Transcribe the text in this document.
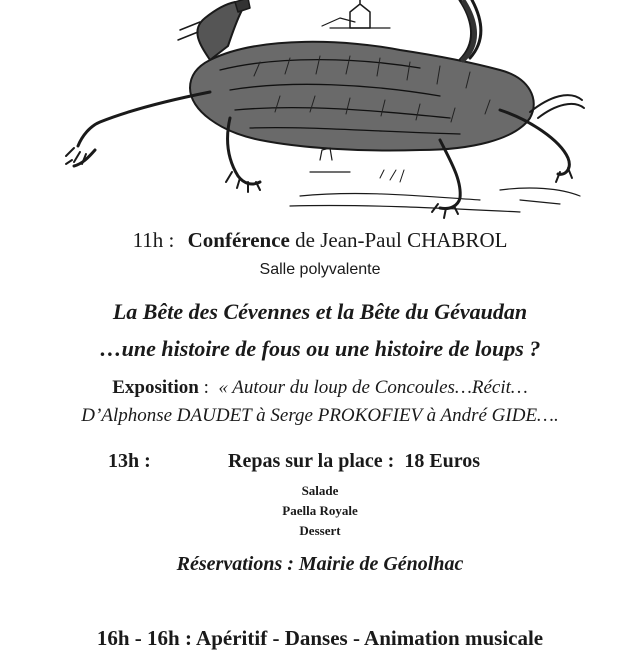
11h : Conférence de Jean-Paul CHABROL
Salle polyvalente
La Bête des Cévennes et la Bête du Gévaudan
…une histoire de fous ou une histoire de loups ?
Exposition :  « Autour du loup de Concoules…Récit…
D’Alphonse DAUDET à Serge PROKOFIEV à André GIDE….
13h :	Repas sur la place : 18 Euros
Salade
Paella Royale
Dessert
Réservations : Mairie de Génolhac
16h - 16h : Apéritif - Danses - Animation musicale
